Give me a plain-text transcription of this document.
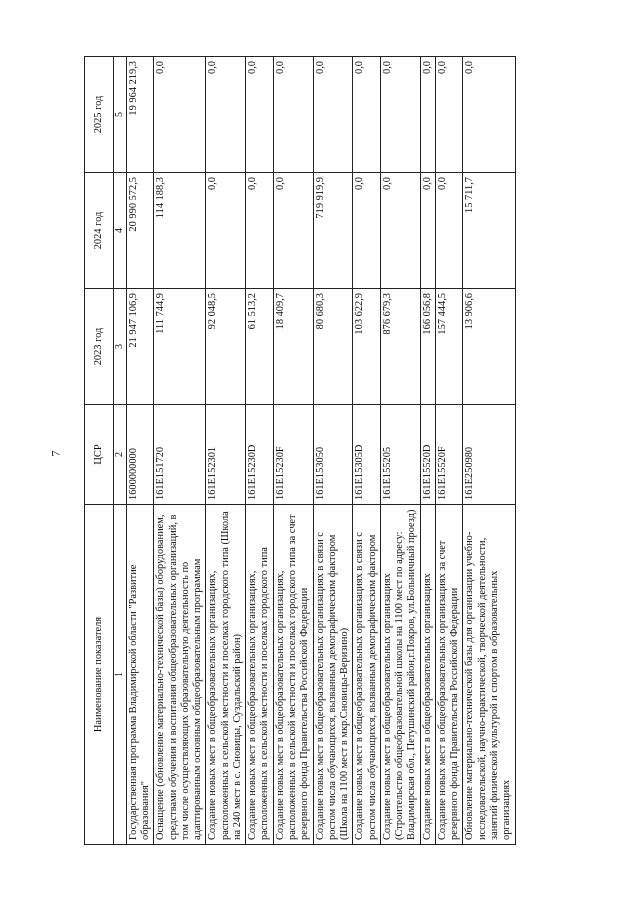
7
Наименование показателя	ЦСР	2023 год	2024 год	2025 год
1	2	3	4	5
Государственная программа Владимирской области "Развитие образования"	1600000000	21 947 106,9	20 990 572,5	19 964 219,3
Оснащение (обновление материально-технической базы) оборудованием, средствами обучения и воспитания общеобразовательных организаций, в том числе осуществляющих образовательную деятельность по адаптированным основным общеобразовательным программам	161E151720	111 744,9	114 188,3	0,0
Создание новых мест в общеобразовательных организациях, расположенных в сельской местности и поселках городского типа (Школа на 240 мест в с. Сновицы, Суздальский район)	161E152301	92 048,5	0,0	0,0
Создание новых мест в общеобразовательных организациях, расположенных в сельской местности и поселках городского типа	161E15230D	61 513,2	0,0	0,0
Создание новых мест в общеобразовательных организациях, расположенных в сельской местности и поселках городского типа за счет резервного фонда Правительства Российской Федерации	161E15230F	18 409,7	0,0	0,0
Создание новых мест в общеобразовательных организациях в связи с ростом числа обучающихся, вызванным демографическим фактором (Школа на 1100 мест в мкр.Сновицы-Веризино)	161E153050	80 680,3	719 919,9	0,0
Создание новых мест в общеобразовательных организациях в связи с ростом числа обучающихся, вызванным демографическим фактором	161E15305D	103 622,9	0,0	0,0
Создание новых мест в общеобразовательных организациях (Строительство общеобразовательной школы на 1100 мест по адресу: Владимирская обл., Петушинский район,г.Покров, ул.Больничный проезд)	161E155205	876 679,3	0,0	0,0
Создание новых мест в общеобразовательных организациях	161E15520D	166 056,8	0,0	0,0
Создание новых мест в общеобразовательных организациях за счет резервного фонда Правительства Российской Федерации	161E15520F	157 444,5	0,0	0,0
Обновление материально-технической базы для организации учебно-исследовательской, научно-практической, творческой деятельности, занятий физической культурой и спортом в образовательных организациях	161E250980	13 906,6	15 711,7	0,0
